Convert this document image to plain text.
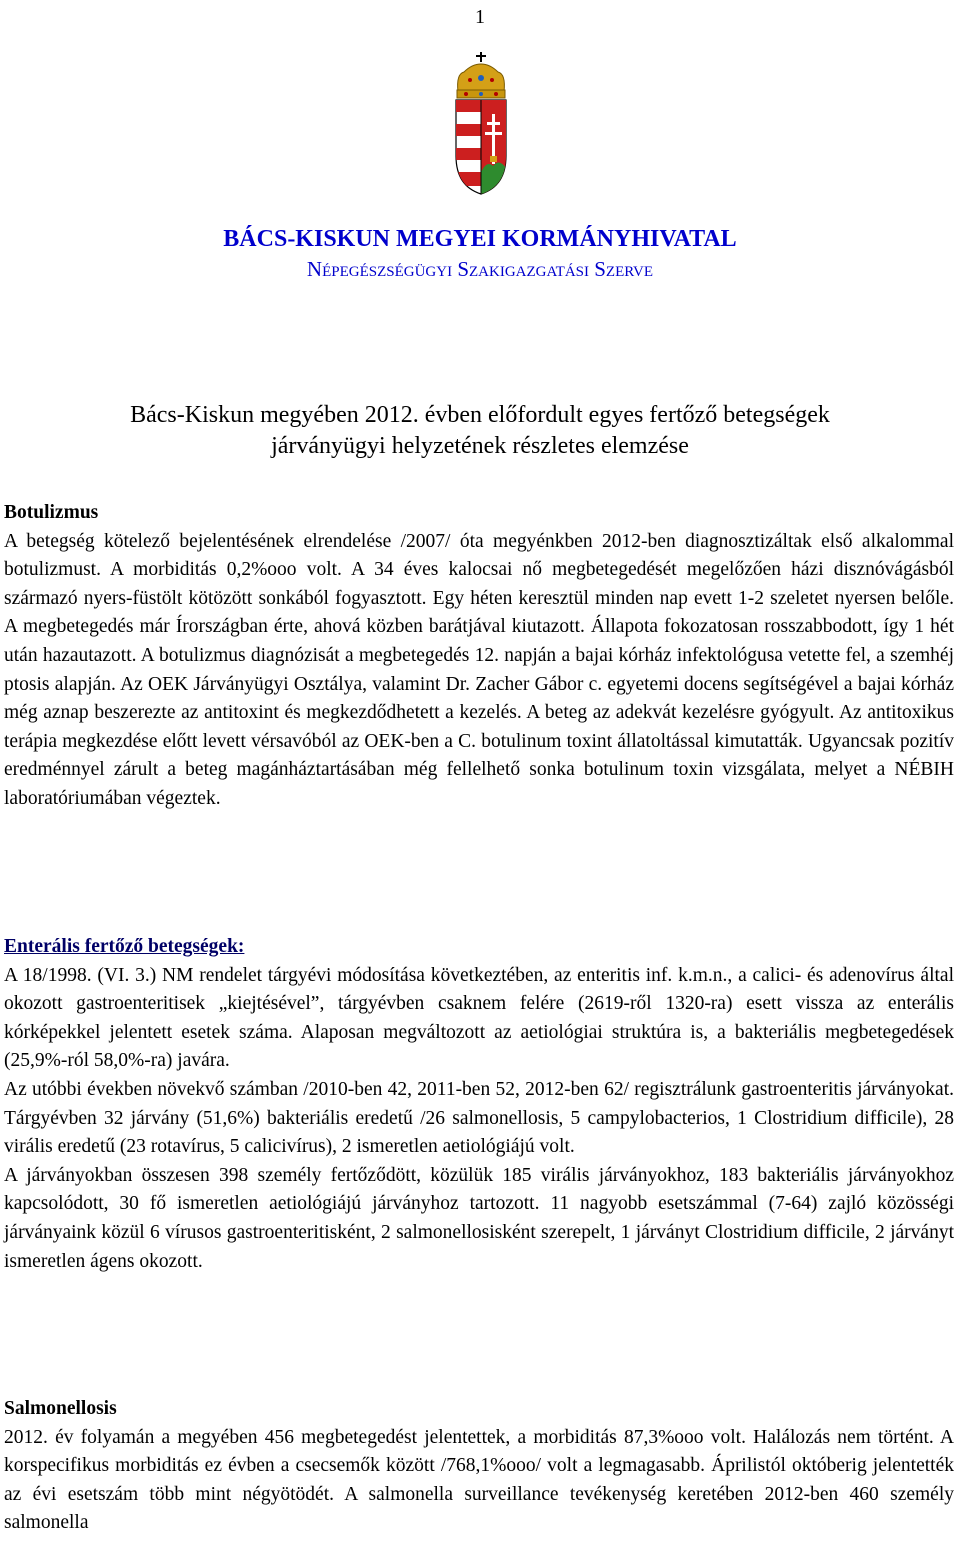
1
BÁCS-KISKUN MEGYEI KORMÁNYHIVATAL
Népegészségügyi Szakigazgatási Szerve
Bács-Kiskun megyében 2012. évben előfordult egyes fertőző betegségek
járványügyi helyzetének részletes elemzése
Botulizmus

A betegség kötelező bejelentésének elrendelése /2007/ óta megyénkben 2012-ben diagnosztizáltak első alkalommal botulizmust. A morbiditás 0,2%ooo volt. A 34 éves kalocsai nő megbetegedését megelőzően házi disznóvágásból származó nyers-füstölt kötözött sonkából fogyasztott. Egy héten keresztül minden nap evett 1-2 szeletet nyersen belőle. A megbetegedés már Írországban érte, ahová közben barátjával kiutazott. Állapota fokozatosan rosszabbodott, így 1 hét után hazautazott. A botulizmus diagnózisát a megbetegedés 12. napján a bajai kórház infektológusa vetette fel, a szemhéj ptosis alapján. Az OEK Járványügyi Osztálya, valamint Dr. Zacher Gábor c. egyetemi docens segítségével a bajai kórház még aznap beszerezte az antitoxint és megkezdődhetett a kezelés. A beteg az adekvát kezelésre gyógyult. Az antitoxikus terápia megkezdése előtt levett vérsavóból az OEK-ben a C. botulinum toxint állatoltással kimutatták. Ugyancsak pozitív eredménnyel zárult a beteg magánháztartásában még fellelhető sonka botulinum toxin vizsgálata, melyet a NÉBIH laboratóriumában végeztek.

Enterális fertőző betegségek:

A 18/1998. (VI. 3.) NM rendelet tárgyévi módosítása következtében, az enteritis inf. k.m.n., a calici- és adenovírus által okozott gastroenteritisek „kiejtésével”, tárgyévben csaknem felére (2619-ről 1320-ra) esett vissza az enterális kórképekkel jelentett esetek száma. Alaposan megváltozott az aetiológiai struktúra is, a bakteriális megbetegedések (25,9%-ról 58,0%-ra) javára.

Az utóbbi években növekvő számban /2010-ben 42, 2011-ben 52, 2012-ben 62/ regisztrálunk gastroenteritis járványokat. Tárgyévben 32 járvány (51,6%) bakteriális eredetű /26 salmonellosis, 5 campylobacterios, 1 Clostridium difficile), 28 virális eredetű (23 rotavírus, 5 calicivírus), 2 ismeretlen aetiológiájú volt.

A járványokban összesen 398 személy fertőződött, közülük 185 virális járványokhoz, 183 bakteriális járványokhoz kapcsolódott, 30 fő ismeretlen aetiológiájú járványhoz tartozott. 11 nagyobb esetszámmal (7-64) zajló közösségi járványaink közül 6 vírusos gastroenteritisként, 2 salmonellosisként szerepelt, 1 járványt Clostridium difficile, 2 járványt ismeretlen ágens okozott.

Salmonellosis

2012. év folyamán a megyében 456 megbetegedést jelentettek, a morbiditás 87,3%ooo volt. Halálozás nem történt. A korspecifikus morbiditás ez évben a csecsemők között /768,1%ooo/ volt a legmagasabb. Áprilistól októberig jelentették az évi esetszám több mint négyötödét. A salmonella surveillance tevékenység keretében 2012-ben 460 személy salmonella
